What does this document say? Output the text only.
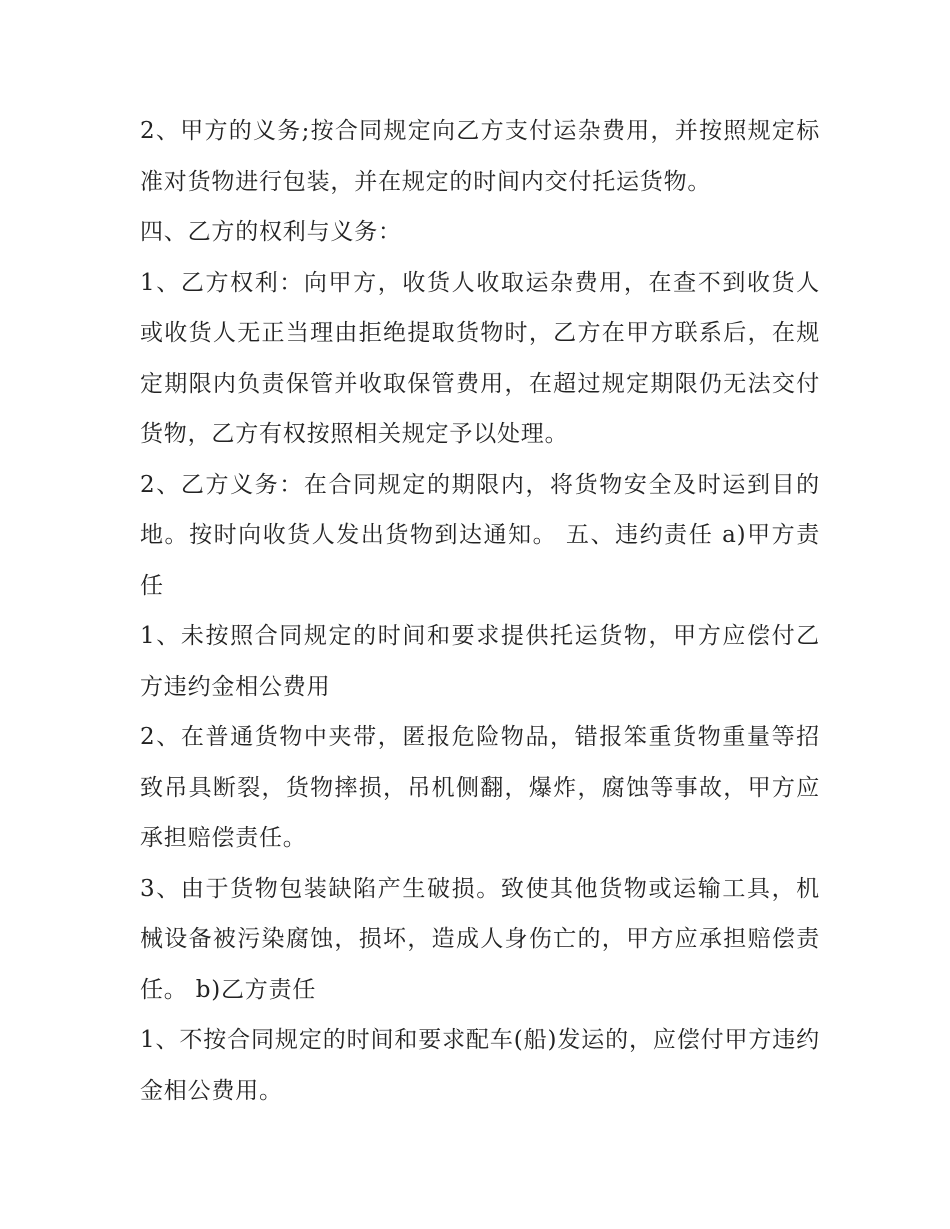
2、甲方的义务;按合同规定向乙方支付运杂费用，并按照规定标准对货物进行包装，并在规定的时间内交付托运货物。

四、乙方的权利与义务：

1、乙方权利：向甲方，收货人收取运杂费用，在查不到收货人或收货人无正当理由拒绝提取货物时，乙方在甲方联系后，在规定期限内负责保管并收取保管费用，在超过规定期限仍无法交付货物，乙方有权按照相关规定予以处理。

2、乙方义务：在合同规定的期限内，将货物安全及时运到目的地。按时向收货人发出货物到达通知。 五、违约责任 a)甲方责任

1、未按照合同规定的时间和要求提供托运货物，甲方应偿付乙方违约金相公费用

2、在普通货物中夹带，匿报危险物品，错报笨重货物重量等招致吊具断裂，货物摔损，吊机侧翻，爆炸，腐蚀等事故，甲方应承担赔偿责任。

3、由于货物包装缺陷产生破损。致使其他货物或运输工具，机械设备被污染腐蚀，损坏，造成人身伤亡的，甲方应承担赔偿责任。 b)乙方责任

1、不按合同规定的时间和要求配车(船)发运的，应偿付甲方违约金相公费用。
